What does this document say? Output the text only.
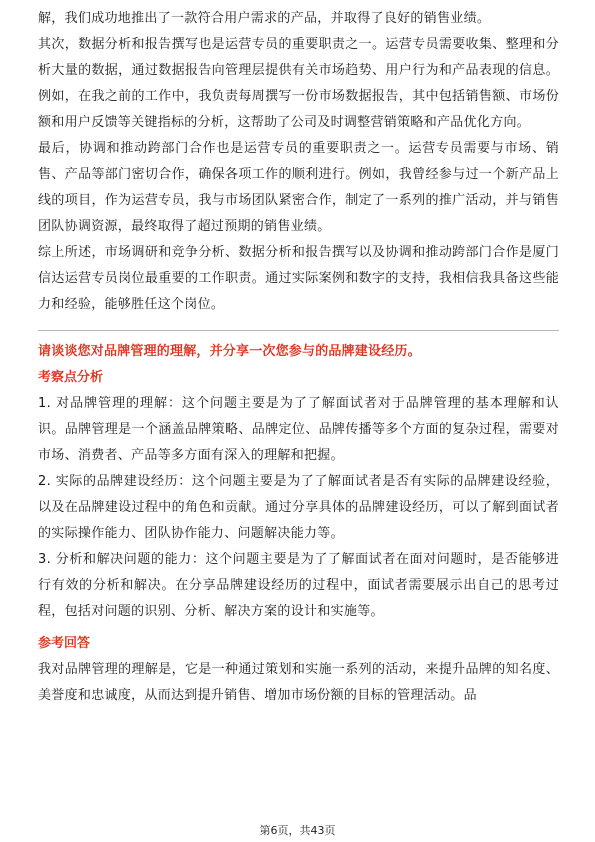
解，我们成功地推出了一款符合用户需求的产品，并取得了良好的销售业绩。

其次，数据分析和报告撰写也是运营专员的重要职责之一。运营专员需要收集、整理和分析大量的数据，通过数据报告向管理层提供有关市场趋势、用户行为和产品表现的信息。例如，在我之前的工作中，我负责每周撰写一份市场数据报告，其中包括销售额、市场份额和用户反馈等关键指标的分析，这帮助了公司及时调整营销策略和产品优化方向。

最后，协调和推动跨部门合作也是运营专员的重要职责之一。运营专员需要与市场、销售、产品等部门密切合作，确保各项工作的顺利进行。例如，我曾经参与过一个新产品上线的项目，作为运营专员，我与市场团队紧密合作，制定了一系列的推广活动，并与销售团队协调资源，最终取得了超过预期的销售业绩。

综上所述，市场调研和竞争分析、数据分析和报告撰写以及协调和推动跨部门合作是厦门信达运营专员岗位最重要的工作职责。通过实际案例和数字的支持，我相信我具备这些能力和经验，能够胜任这个岗位。

请谈谈您对品牌管理的理解，并分享一次您参与的品牌建设经历。

考察点分析

1. 对品牌管理的理解：这个问题主要是为了了解面试者对于品牌管理的基本理解和认识。品牌管理是一个涵盖品牌策略、品牌定位、品牌传播等多个方面的复杂过程，需要对市场、消费者、产品等多方面有深入的理解和把握。

2. 实际的品牌建设经历：这个问题主要是为了了解面试者是否有实际的品牌建设经验，以及在品牌建设过程中的角色和贡献。通过分享具体的品牌建设经历，可以了解到面试者的实际操作能力、团队协作能力、问题解决能力等。

3. 分析和解决问题的能力：这个问题主要是为了了解面试者在面对问题时，是否能够进行有效的分析和解决。在分享品牌建设经历的过程中，面试者需要展示出自己的思考过程，包括对问题的识别、分析、解决方案的设计和实施等。

参考回答

我对品牌管理的理解是，它是一种通过策划和实施一系列的活动，来提升品牌的知名度、美誉度和忠诚度，从而达到提升销售、增加市场份额的目标的管理活动。品

第6页，共43页
